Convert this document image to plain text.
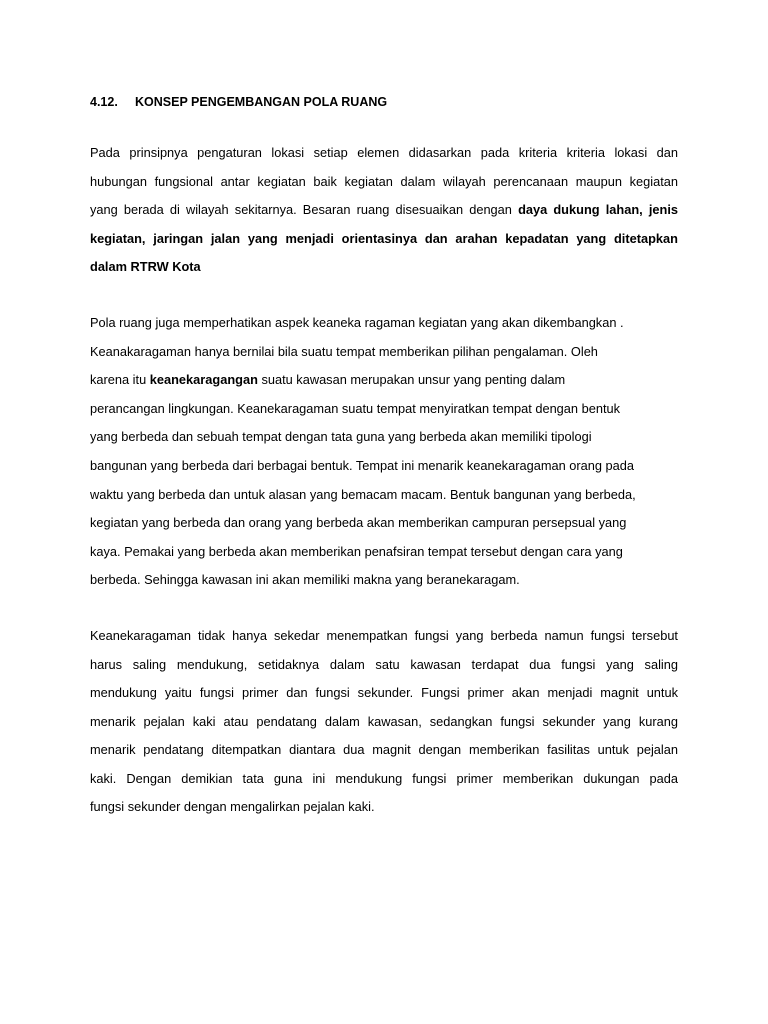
4.12. KONSEP PENGEMBANGAN POLA RUANG

Pada prinsipnya pengaturan lokasi setiap elemen didasarkan pada kriteria kriteria lokasi dan
hubungan fungsional antar kegiatan baik kegiatan dalam wilayah perencanaan maupun kegiatan
yang berada di wilayah sekitarnya. Besaran ruang disesuaikan dengan daya dukung lahan, jenis
kegiatan, jaringan jalan yang menjadi orientasinya dan arahan kepadatan yang ditetapkan
dalam RTRW Kota

Pola ruang juga memperhatikan aspek keaneka ragaman kegiatan yang akan dikembangkan .
Keanakaragaman hanya bernilai bila suatu tempat memberikan pilihan pengalaman. Oleh
karena itu keanekaragangan suatu kawasan merupakan unsur yang penting dalam
perancangan lingkungan. Keanekaragaman suatu tempat menyiratkan tempat dengan bentuk
yang berbeda dan sebuah tempat dengan tata guna yang berbeda akan memiliki tipologi
bangunan yang berbeda dari berbagai bentuk. Tempat ini menarik keanekaragaman orang pada
waktu yang berbeda dan untuk alasan yang bemacam macam. Bentuk bangunan yang berbeda,
kegiatan yang berbeda dan orang yang berbeda akan memberikan campuran persepsual yang
kaya. Pemakai yang berbeda akan memberikan penafsiran tempat tersebut dengan cara yang
berbeda. Sehingga kawasan ini akan memiliki makna yang beranekaragam.

Keanekaragaman tidak hanya sekedar menempatkan fungsi yang berbeda namun fungsi tersebut
harus saling mendukung, setidaknya dalam satu kawasan terdapat dua fungsi yang saling
mendukung yaitu fungsi primer dan fungsi sekunder. Fungsi primer akan menjadi magnit untuk
menarik pejalan kaki atau pendatang dalam kawasan, sedangkan fungsi sekunder yang kurang
menarik pendatang ditempatkan diantara dua magnit dengan memberikan fasilitas untuk pejalan
kaki. Dengan demikian tata guna ini mendukung fungsi primer memberikan dukungan pada
fungsi sekunder dengan mengalirkan pejalan kaki.
